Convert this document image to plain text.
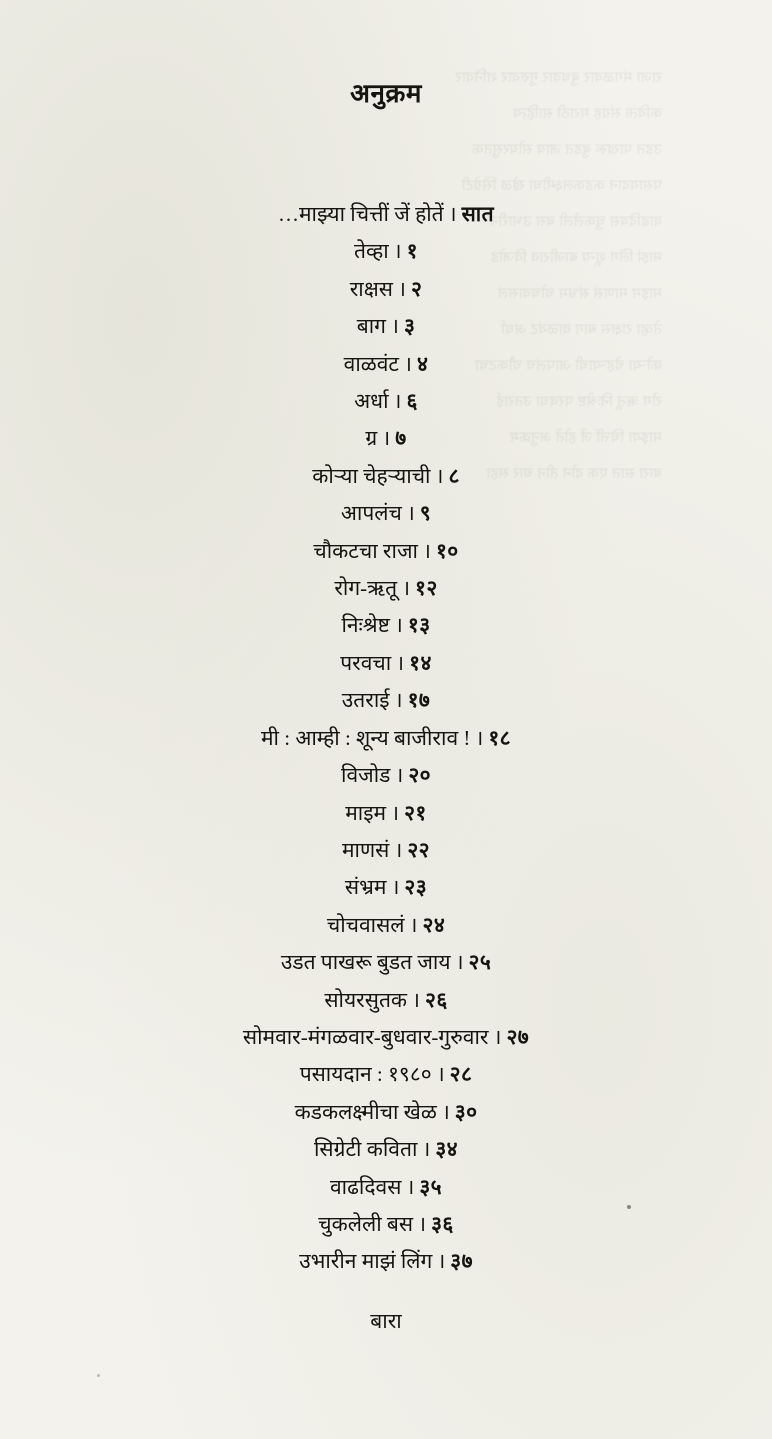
राजा मंगळवार बुधवार गुरुवार शनिवार
कविता संग्रह मराठी साहित्य
उडत पाखरू बुडत जाय सोयरसुतक
पसायदान कडकलक्ष्मीचा खेळ सिग्रेटी
वाढदिवस चुकलेली बस उभारीन
माझं लिंग शून्य बाजीराव विजोड
माइम माणसं संभ्रम चोचवासलं
तेव्हा राक्षस बाग वाळवंट अर्धा
कोऱ्या चेहऱ्याची आपलंच चौकटचा
रोग ऋतू निःश्रेष्ट परवचा उतराई
माझ्या चित्तीं जें होतें अनुक्रम
बारा सात एक दोन तीन चार सहा
अनुक्रम
…माझ्या चित्तीं जें होतें । सात
तेव्हा । १
राक्षस । २
बाग । ३
वाळवंट । ४
अर्धा । ६
ग्र । ७
कोऱ्या चेहऱ्याची । ८
आपलंच । ९
चौकटचा राजा । १०
रोग-ऋतू । १२
निःश्रेष्ट । १३
परवचा । १४
उतराई । १७
मी : आम्ही : शून्य बाजीराव ! । १८
विजोड । २०
माइम । २१
माणसं । २२
संभ्रम । २३
चोचवासलं । २४
उडत पाखरू बुडत जाय । २५
सोयरसुतक । २६
सोमवार-मंगळवार-बुधवार-गुरुवार । २७
पसायदान : १९८० । २८
कडकलक्ष्मीचा खेळ । ३०
सिग्रेटी कविता । ३४
वाढदिवस । ३५
चुकलेली बस । ३६
उभारीन माझं लिंग । ३७
बारा
